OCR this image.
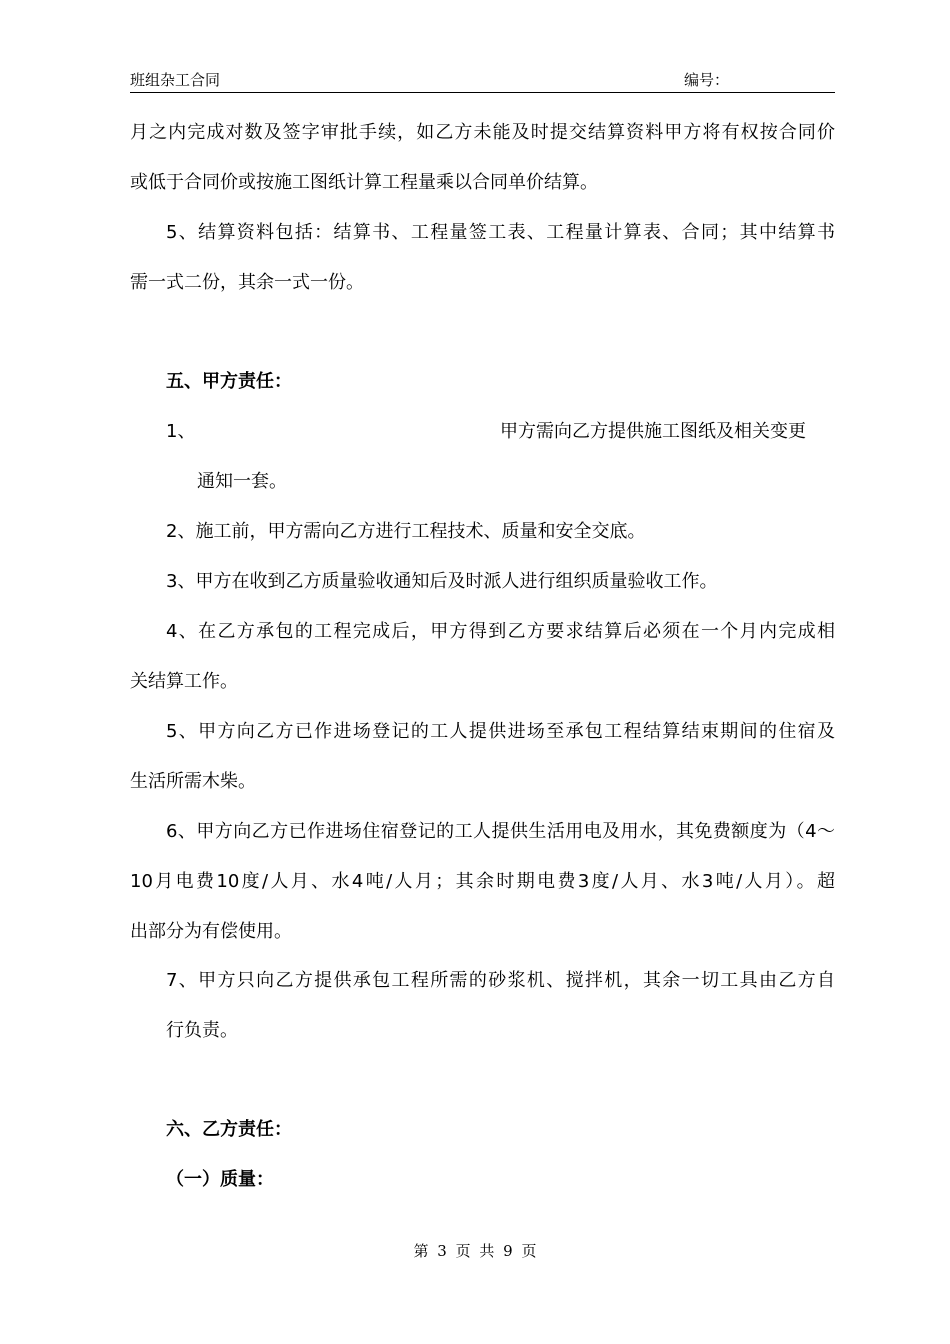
班组杂工合同	编号：
月之内完成对数及签字审批手续，如乙方未能及时提交结算资料甲方将有权按合同价
或低于合同价或按施工图纸计算工程量乘以合同单价结算。
5、结算资料包括：结算书、工程量签工表、工程量计算表、合同；其中结算书
需一式二份，其余一式一份。
五、甲方责任：
1、	甲方需向乙方提供施工图纸及相关变更
通知一套。
2、施工前，甲方需向乙方进行工程技术、质量和安全交底。
3、甲方在收到乙方质量验收通知后及时派人进行组织质量验收工作。
4、在乙方承包的工程完成后，甲方得到乙方要求结算后必须在一个月内完成相
关结算工作。
5、甲方向乙方已作进场登记的工人提供进场至承包工程结算结束期间的住宿及
生活所需木柴。
6、甲方向乙方已作进场住宿登记的工人提供生活用电及用水，其免费额度为（4～
10月电费10度/人月、水4吨/人月；其余时期电费3度/人月、水3吨/人月）。超
出部分为有偿使用。
7、甲方只向乙方提供承包工程所需的砂浆机、搅拌机，其余一切工具由乙方自
行负责。
六、乙方责任：
（一）质量：
第 3 页 共 9 页
